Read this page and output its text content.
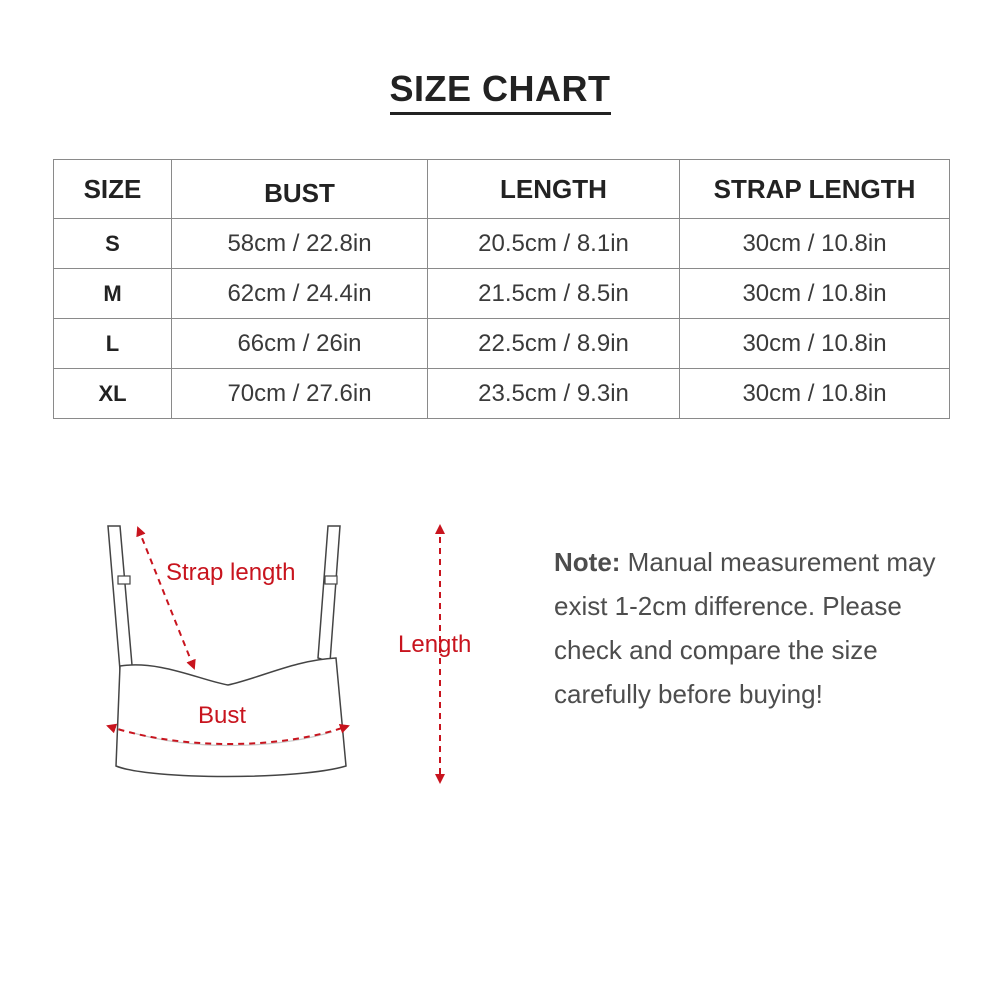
SIZE CHART
SIZE	BUST	LENGTH	STRAP LENGTH
S	58cm / 22.8in	20.5cm / 8.1in	30cm / 10.8in
M	62cm / 24.4in	21.5cm / 8.5in	30cm / 10.8in
L	66cm / 26in	22.5cm / 8.9in	30cm / 10.8in
XL	70cm / 27.6in	23.5cm / 9.3in	30cm / 10.8in
Strap length
Bust
Length

Note: Manual measurement may exist 1-2cm difference. Please check and compare the size carefully before buying!
